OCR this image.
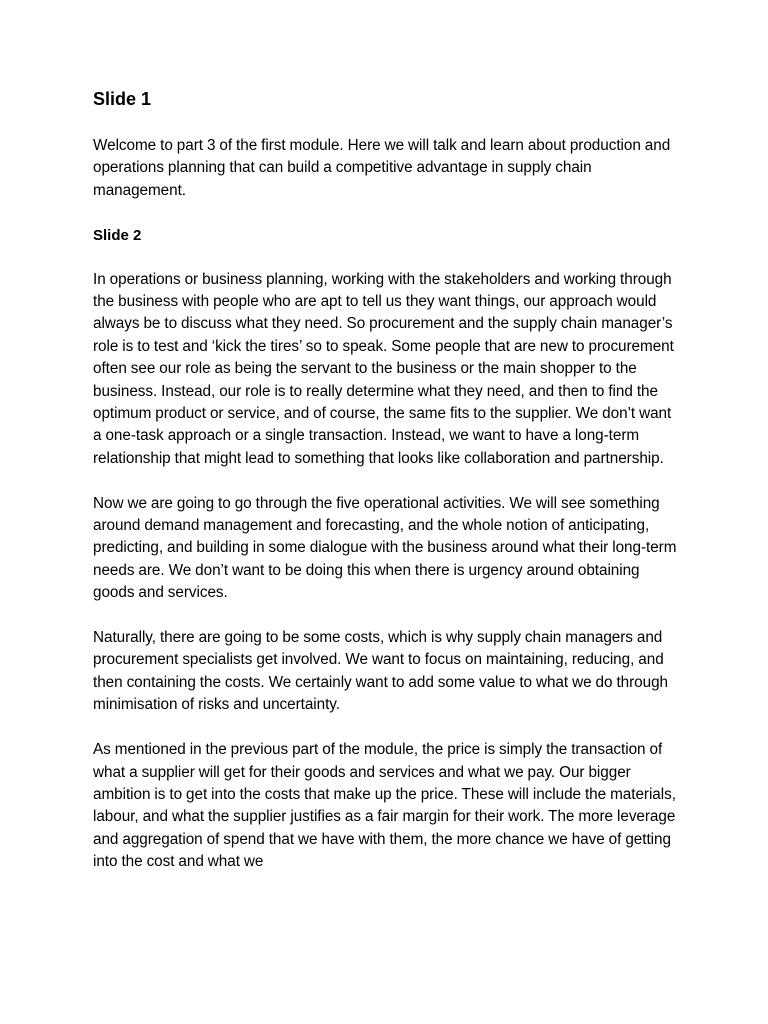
Slide 1

Welcome to part 3 of the first module. Here we will talk and learn about production and operations planning that can build a competitive advantage in supply chain management.

Slide 2

In operations or business planning, working with the stakeholders and working through the business with people who are apt to tell us they want things, our approach would always be to discuss what they need. So procurement and the supply chain manager’s role is to test and ‘kick the tires’ so to speak. Some people that are new to procurement often see our role as being the servant to the business or the main shopper to the business. Instead, our role is to really determine what they need, and then to find the optimum product or service, and of course, the same fits to the supplier. We don’t want a one-task approach or a single transaction. Instead, we want to have a long-term relationship that might lead to something that looks like collaboration and partnership.

Now we are going to go through the five operational activities. We will see something around demand management and forecasting, and the whole notion of anticipating, predicting, and building in some dialogue with the business around what their long-term needs are. We don’t want to be doing this when there is urgency around obtaining goods and services.

Naturally, there are going to be some costs, which is why supply chain managers and procurement specialists get involved. We want to focus on maintaining, reducing, and then containing the costs. We certainly want to add some value to what we do through minimisation of risks and uncertainty.

As mentioned in the previous part of the module, the price is simply the transaction of what a supplier will get for their goods and services and what we pay. Our bigger ambition is to get into the costs that make up the price. These will include the materials, labour, and what the supplier justifies as a fair margin for their work. The more leverage and aggregation of spend that we have with them, the more chance we have of getting into the cost and what we
